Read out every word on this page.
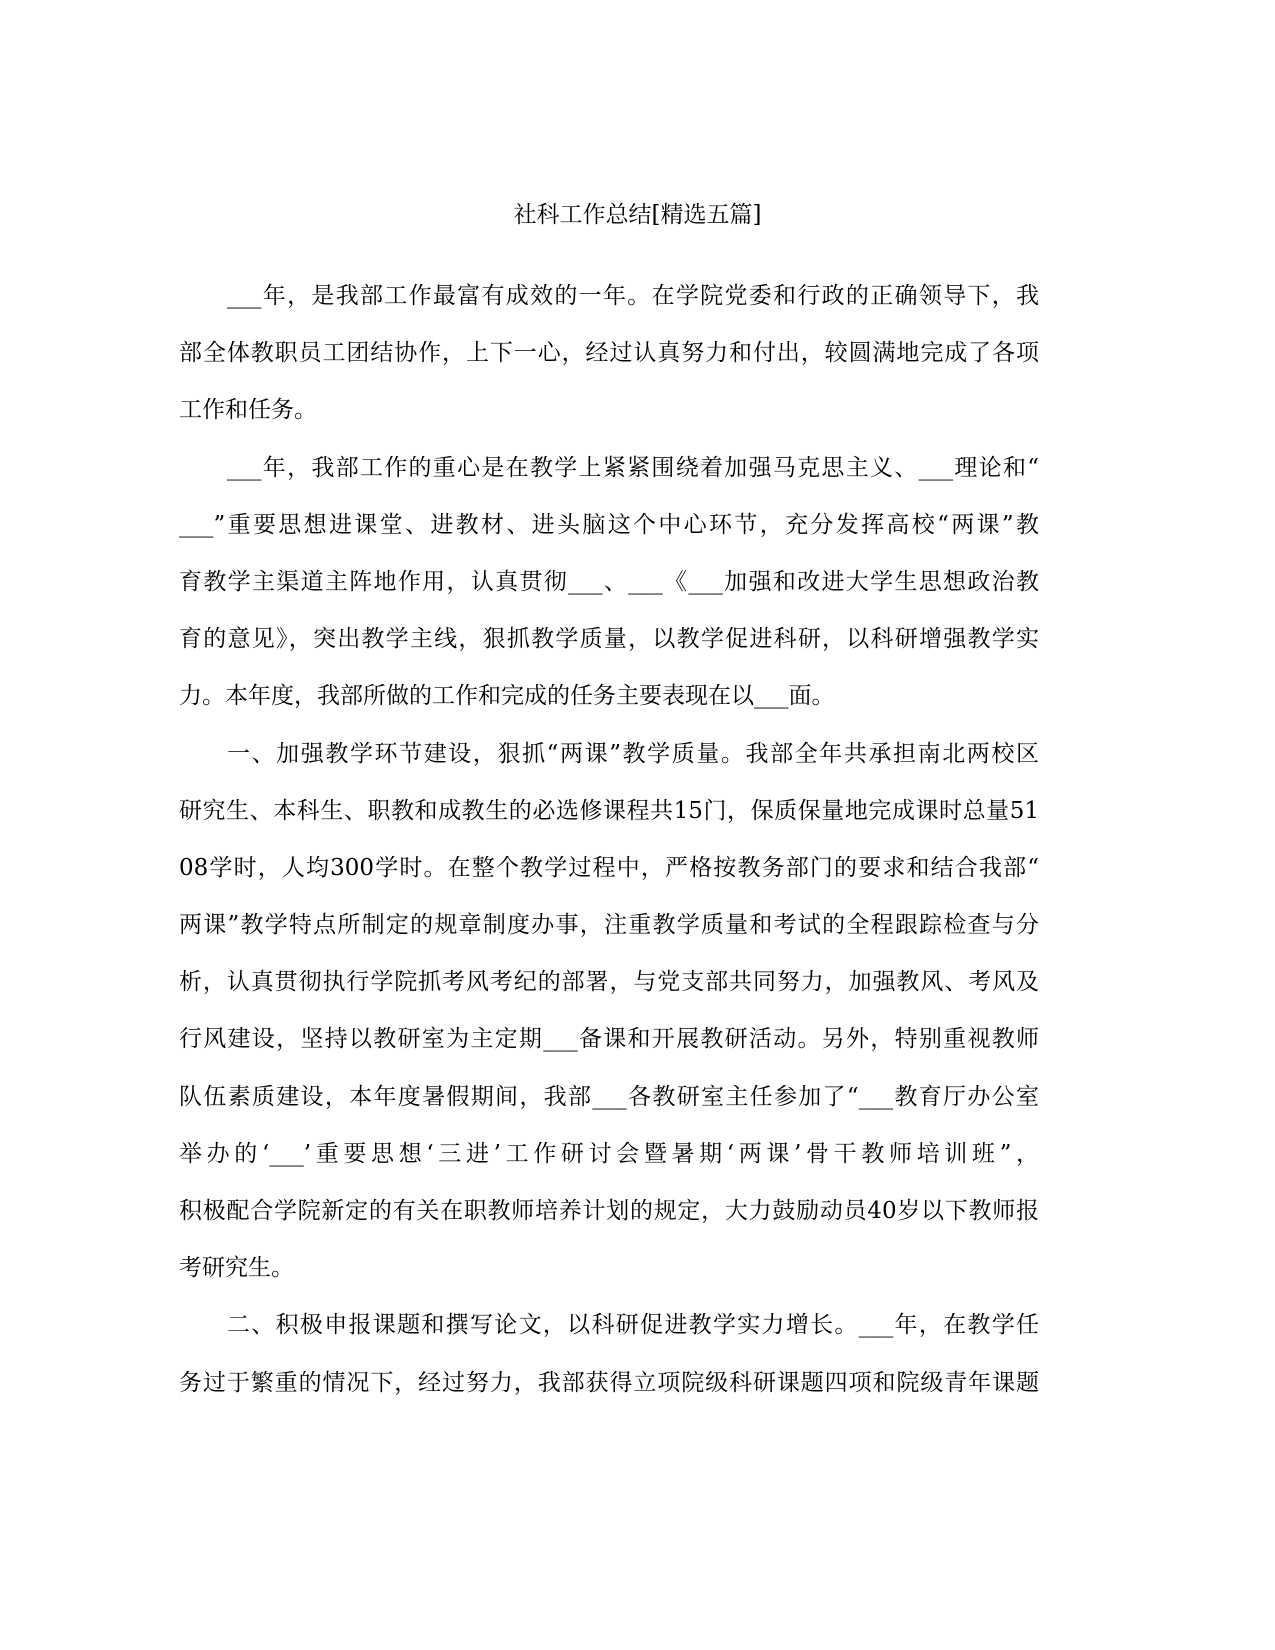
社科工作总结[精选五篇]
___年，是我部工作最富有成效的一年。在学院党委和行政的正确领导下，我
部全体教职员工团结协作，上下一心，经过认真努力和付出，较圆满地完成了各项
工作和任务。
___年，我部工作的重心是在教学上紧紧围绕着加强马克思主义、___理论和“
___”重要思想进课堂、进教材、进头脑这个中心环节，充分发挥高校“两课”教
育教学主渠道主阵地作用，认真贯彻___、___《___加强和改进大学生思想政治教
育的意见》，突出教学主线，狠抓教学质量，以教学促进科研，以科研增强教学实
力。本年度，我部所做的工作和完成的任务主要表现在以___面。
一、加强教学环节建设，狠抓“两课”教学质量。我部全年共承担南北两校区
研究生、本科生、职教和成教生的必选修课程共15门，保质保量地完成课时总量51
08学时，人均300学时。在整个教学过程中，严格按教务部门的要求和结合我部“
两课”教学特点所制定的规章制度办事，注重教学质量和考试的全程跟踪检查与分
析，认真贯彻执行学院抓考风考纪的部署，与党支部共同努力，加强教风、考风及
行风建设，坚持以教研室为主定期___备课和开展教研活动。另外，特别重视教师
队伍素质建设，本年度暑假期间，我部___各教研室主任参加了“___教育厅办公室
举办的‘___’重要思想‘三进’工作研讨会暨暑期‘两课’骨干教师培训班”，
积极配合学院新定的有关在职教师培养计划的规定，大力鼓励动员40岁以下教师报
考研究生。
二、积极申报课题和撰写论文，以科研促进教学实力增长。___年，在教学任
务过于繁重的情况下，经过努力，我部获得立项院级科研课题四项和院级青年课题
